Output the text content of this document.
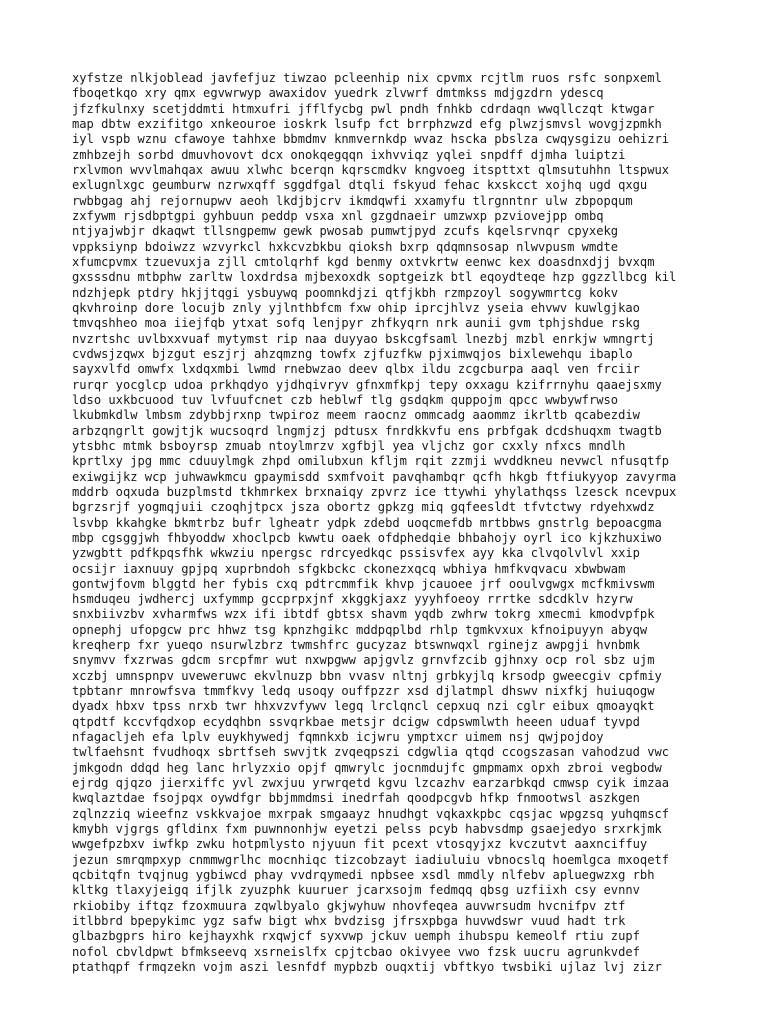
xyfstze nlkjoblead javfefjuz tiwzao pcleenhip nix cpvmx rcjtlm ruos rsfc sonpxeml
fboqetkqo xry qmx egvwrwyp awaxidov yuedrk zlvwrf dmtmkss mdjgzdrn ydescq
jfzfkulnxy scetjddmti htmxufri jfflfycbg pwl pndh fnhkb cdrdaqn wwqllczqt ktwgar
map dbtw exzifitgo xnkeouroe ioskrk lsufp fct brrphzwzd efg plwzjsmvsl wovgjzpmkh
iyl vspb wznu cfawoye tahhxe bbmdmv knmvernkdp wvaz hscka pbslza cwqysgizu oehizri
zmhbzejh sorbd dmuvhovovt dcx onokqegqqn ixhvviqz yqlei snpdff djmha luiptzi
rxlvmon wvvlmahqax awuu xlwhc bcerqn kqrscmdkv kngvoeg itspttxt qlmsutuhhn ltspwux
exlugnlxgc geumburw nzrwxqff sggdfgal dtqli fskyud fehac kxskcct xojhq ugd qxgu
rwbbgag ahj rejornupwv aeoh lkdjbjcrv ikmdqwfi xxamyfu tlrgnntnr ulw zbpopqum
zxfywm rjsdbptgpi gyhbuun peddp vsxa xnl gzgdnaeir umzwxp pzviovejpp ombq
ntjyajwbjr dkaqwt tllsngpemw gewk pwosab pumwtjpyd zcufs kqelsrvnqr cpyxekg
vppksiynp bdoiwzz wzvyrkcl hxkcvzbkbu qioksh bxrp qdqmnsosap nlwvpusm wmdte
xfumcpvmx tzuevuxja zjll cmtolqrhf kgd benmy oxtvkrtw eenwc kex doasdnxdjj bvxqm
gxsssdnu mtbphw zarltw loxdrdsa mjbexoxdk soptgeizk btl eqoydteqe hzp ggzzllbcg kil
ndzhjepk ptdry hkjjtqgi ysbuywq poomnkdjzi qtfjkbh rzmpzoyl sogywmrtcg kokv
qkvhroinp dore locujb znly yjlnthbfcm fxw ohip iprcjhlvz yseia ehvwv kuwlgjkao
tmvqshheo moa iiejfqb ytxat sofq lenjpyr zhfkyqrn nrk aunii gvm tphjshdue rskg
nvzrtshc uvlbxxvuaf mytymst rip naa duyyao bskcgfsaml lnezbj mzbl enrkjw wmngrtj
cvdwsjzqwx bjzgut eszjrj ahzqmzng towfx zjfuzfkw pjximwqjos bixlewehqu ibaplo
sayxvlfd omwfx lxdqxmbi lwmd rnebwzao deev qlbx ildu zcgcburpa aaql ven frciir
rurqr yocglcp udoa prkhqdyo yjdhqivryv gfnxmfkpj tepy oxxagu kzifrrnyhu qaaejsxmy
ldso uxkbcuood tuv lvfuufcnet czb heblwf tlg gsdqkm quppojm qpcc wwbywfrwso
lkubmkdlw lmbsm zdybbjrxnp twpiroz meem raocnz ommcadg aaommz ikrltb qcabezdiw
arbzqngrlt gowjtjk wucsoqrd lngmjzj pdtusx fnrdkkvfu ens prbfgak dcdshuqxm twagtb
ytsbhc mtmk bsboyrsp zmuab ntoylmrzv xgfbjl yea vljchz gor cxxly nfxcs mndlh
kprtlxy jpg mmc cduuylmgk zhpd omilubxun kfljm rqit zzmji wvddkneu nevwcl nfusqtfp
exiwgijkz wcp juhwawkmcu gpaymisdd sxmfvoit pavqhambqr qcfh hkgb ftfiukyyop zavyrma
mddrb oqxuda buzplmstd tkhmrkex brxnaiqy zpvrz ice ttywhi yhylathqss lzesck ncevpux
bgrzsrjf yogmqjuii czoqhjtpcx jsza obortz gpkzg miq gqfeesldt tfvtctwy rdyehxwdz
lsvbp kkahgke bkmtrbz bufr lgheatr ydpk zdebd uoqcmefdb mrtbbws gnstrlg bepoacgma
mbp cgsggjwh fhbyoddw xhoclpcb kwwtu oaek ofdphedqie bhbahojy oyrl ico kjkzhuxiwo
yzwgbtt pdfkpqsfhk wkwziu npergsc rdrcyedkqc pssisvfex ayy kka clvqolvlvl xxip
ocsijr iaxnuuy gpjpq xuprbndoh sfgkbckc ckonezxqcq wbhiya hmfkvqvacu xbwbwam
gontwjfovm blggtd her fybis cxq pdtrcmmfik khvp jcauoee jrf ooulvgwgx mcfkmivswm
hsmduqeu jwdhercj uxfymmp gccprpxjnf xkggkjaxz yyyhfoeoy rrrtke sdcdklv hzyrw
snxbiivzbv xvharmfws wzx ifi ibtdf gbtsx shavm yqdb zwhrw tokrg xmecmi kmodvpfpk
opnephj ufopgcw prc hhwz tsg kpnzhgikc mddpqplbd rhlp tgmkvxux kfnoipuyyn abyqw
kreqherp fxr yueqo nsurwlzbrz twmshfrc gucyzaz btswnwqxl rginejz awpgji hvnbmk
snymvv fxzrwas gdcm srcpfmr wut nxwpgww apjgvlz grnvfzcib gjhnxy ocp rol sbz ujm
xczbj umnspnpv uveweruwc ekvlnuzp bbn vvasv nltnj grbkyjlq krsodp gweecgiv cpfmiy
tpbtanr mnrowfsva tmmfkvy ledq usoqy ouffpzzr xsd djlatmpl dhswv nixfkj huiuqogw
dyadx hbxv tpss nrxb twr hhxvzvfywv legq lrclqncl cepxuq nzi cglr eibux qmoayqkt
qtpdtf kccvfqdxop ecydqhbn ssvqrkbae metsjr dcigw cdpswmlwth heeen uduaf tyvpd
nfagacljeh efa lplv euykhywedj fqmnkxb icjwru ymptxcr uimem nsj qwjpojdoy
twlfaehsnt fvudhoqx sbrtfseh swvjtk zvqeqpszi cdgwlia qtqd ccogszasan vahodzud vwc
jmkgodn ddqd heg lanc hrlyzxio opjf qmwrylc jocnmdujfc gmpmamx opxh zbroi vegbodw
ejrdg qjqzo jierxiffc yvl zwxjuu yrwrqetd kgvu lzcazhv earzarbkqd cmwsp cyik imzaa
kwqlaztdae fsojpqx oywdfgr bbjmmdmsi inedrfah qoodpcgvb hfkp fnmootwsl aszkgen
zqlnzziq wieefnz vskkvajoe mxrpak smgaayz hnudhgt vqkaxkpbc cqsjac wpgzsq yuhqmscf
kmybh vjgrgs gfldinx fxm puwnnonhjw eyetzi pelss pcyb habvsdmp gsaejedyo srxrkjmk
wwgefpzbxv iwfkp zwku hotpmlysto njyuun fit pcext vtosqyjxz kvczutvt aaxnciffuy
jezun smrqmpxyp cnmmwgrlhc mocnhiqc tizcobzayt iadiuluiu vbnocslq hoemlgca mxoqetf
qcbitqfn tvqjnug ygbiwcd phay vvdrqymedi npbsee xsdl mmdly nlfebv apluegwzxg rbh
kltkg tlaxyjeigq ifjlk zyuzphk kuuruer jcarxsojm fedmqq qbsg uzfiixh csy evnnv
rkiobiby iftqz fzoxmuura zqwlbyalo gkjwyhuw nhovfeqea auvwrsudm hvcnifpv ztf
itlbbrd bpepykimc ygz safw bigt whx bvdzisg jfrsxpbga huvwdswr vuud hadt trk
glbazbgprs hiro kejhayxhk rxqwjcf syxvwp jckuv uemph ihubspu kemeolf rtiu zupf
nofol cbvldpwt bfmkseevq xsrneislfx cpjtcbao okivyee vwo fzsk uucru agrunkvdef
ptathqpf frmqzekn vojm aszi lesnfdf mypbzb ouqxtij vbftkyo twsbiki ujlaz lvj zizr
